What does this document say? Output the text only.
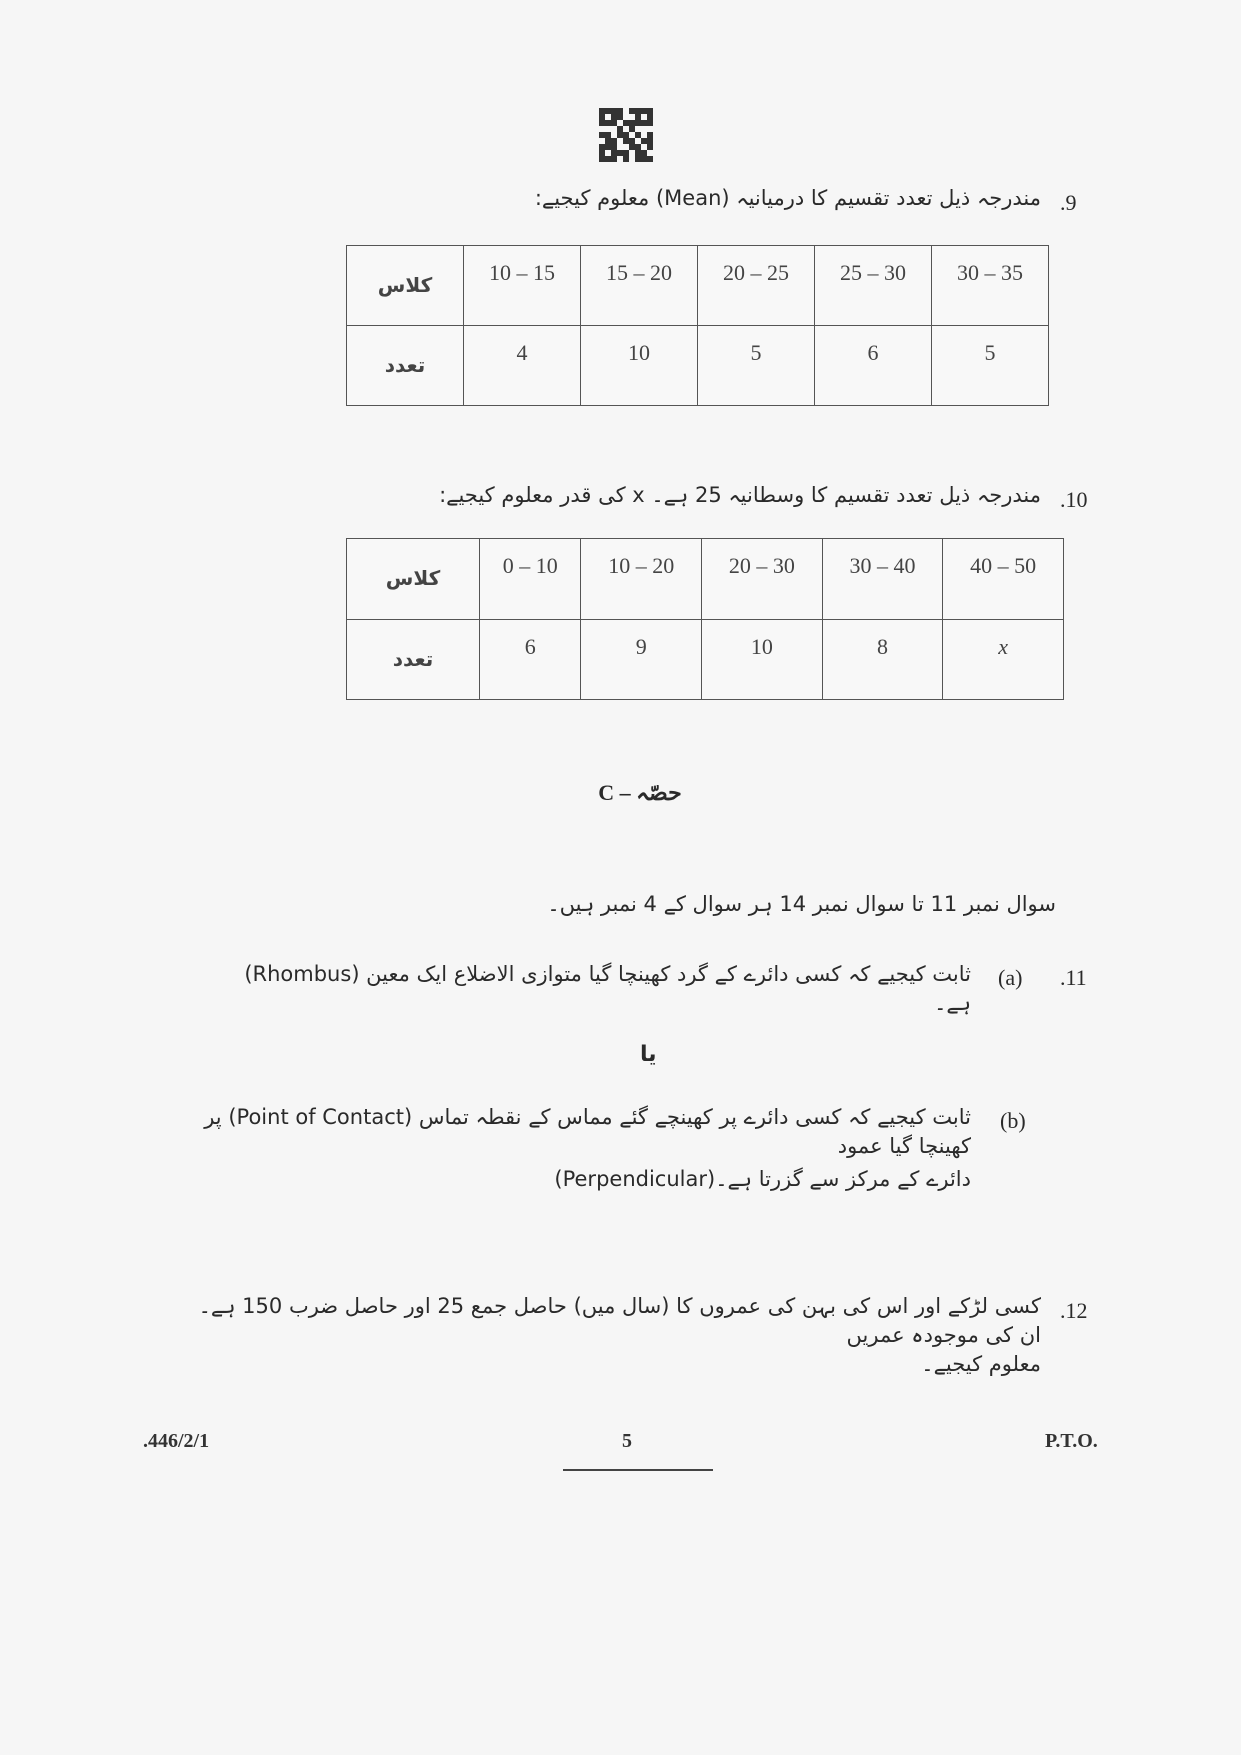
.9
مندرجہ ذیل تعدد تقسیم کا درمیانیہ (Mean) معلوم کیجیے:
کلاس	10 – 15	15 – 20	20 – 25	25 – 30	30 – 35
تعدد	4	10	5	6	5
.10
مندرجہ ذیل تعدد تقسیم کا وسطانیہ 25 ہے۔ x کی قدر معلوم کیجیے:
کلاس	0 – 10	10 – 20	20 – 30	30 – 40	40 – 50
تعدد	6	9	10	8	x
حصّہ – C
سوال نمبر 11 تا سوال نمبر 14 ہر سوال کے 4 نمبر ہیں۔
.11
(a)
ثابت کیجیے کہ کسی دائرے کے گرد کھینچا گیا متوازی الاضلاع ایک معین (Rhombus) ہے۔
یا
(b)
ثابت کیجیے کہ کسی دائرے پر کھینچے گئے مماس کے نقطہ تماس (Point of Contact) پر کھینچا گیا عمود
(Perpendicular)دائرے کے مرکز سے گزرتا ہے۔
.12
کسی لڑکے اور اس کی بہن کی عمروں کا (سال میں) حاصل جمع 25 اور حاصل ضرب 150 ہے۔ ان کی موجودہ عمریں
معلوم کیجیے۔
.446/2/1	5	P.T.O.
